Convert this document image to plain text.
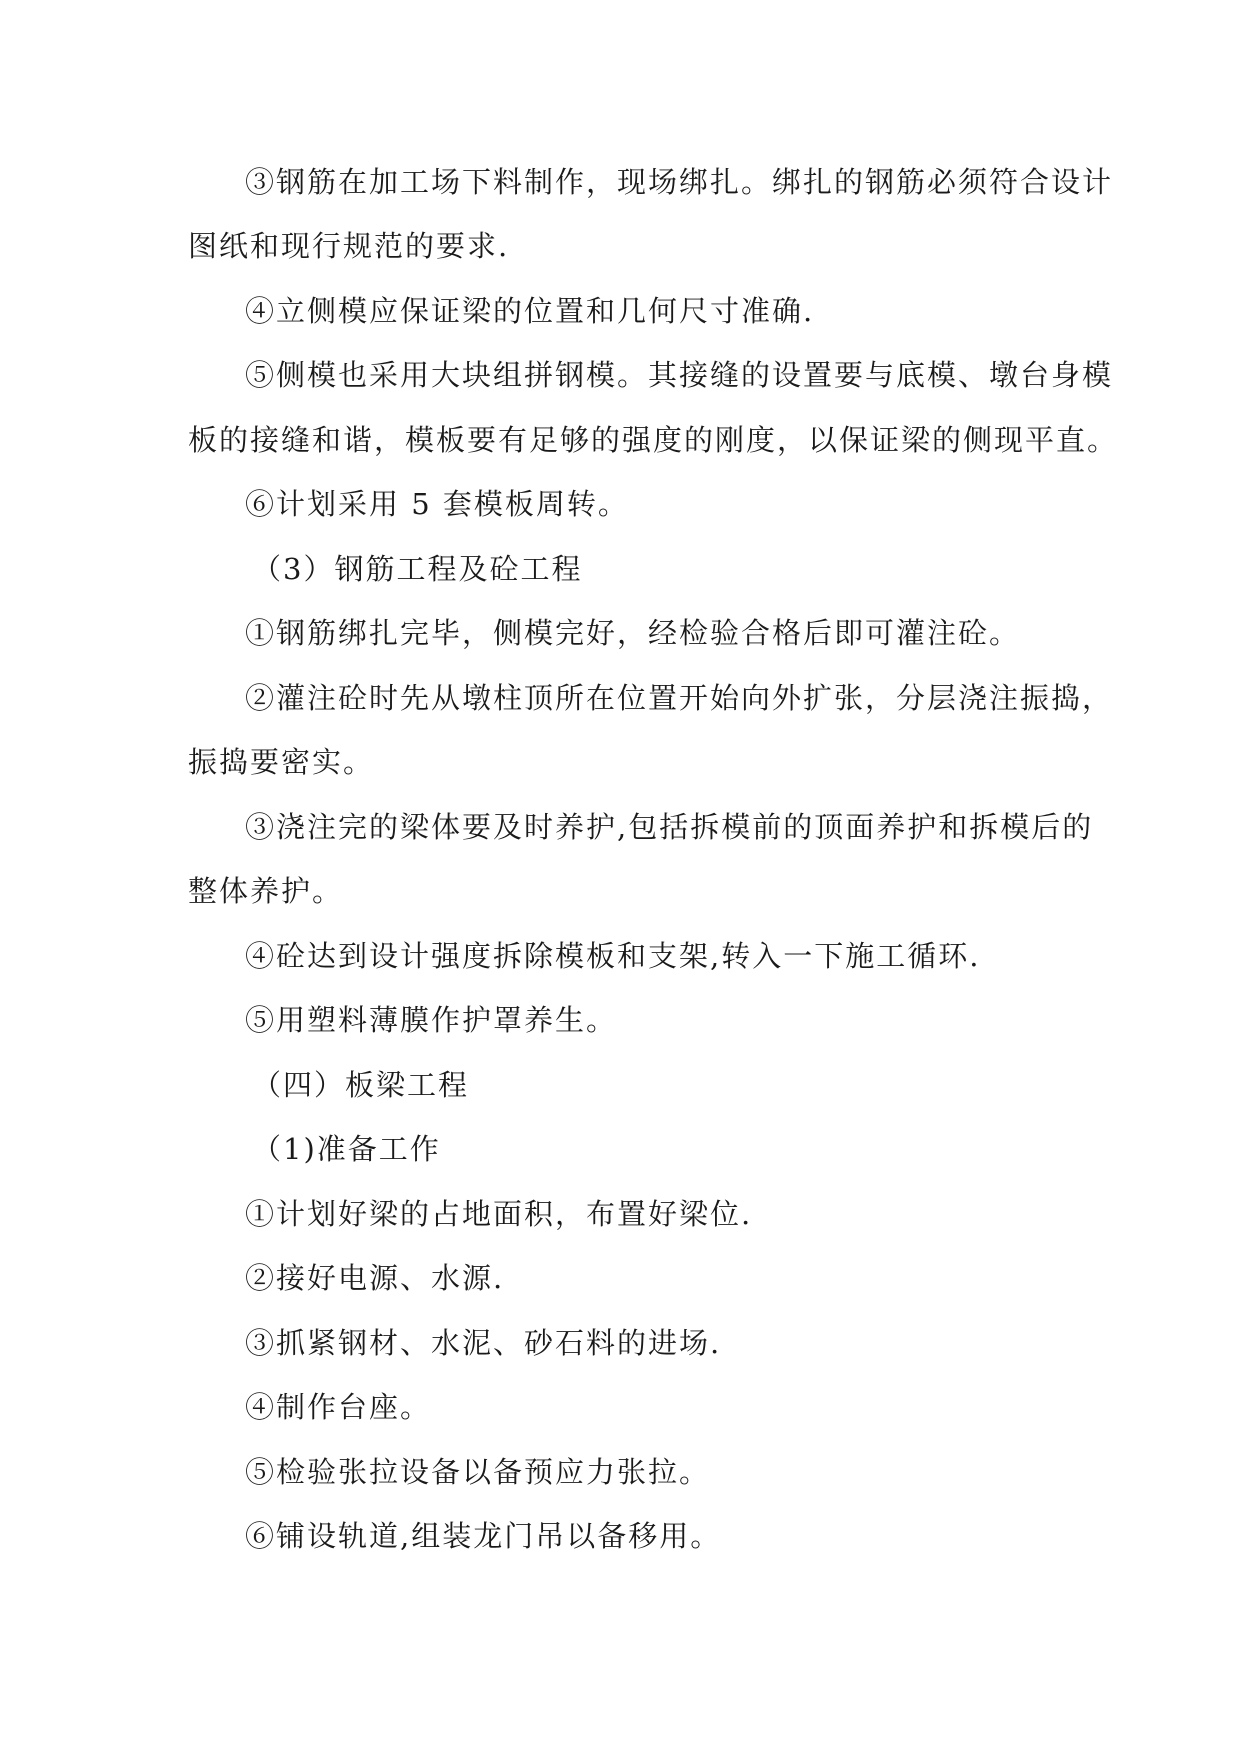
③钢筋在加工场下料制作，现场绑扎。绑扎的钢筋必须符合设计
图纸和现行规范的要求.
④立侧模应保证梁的位置和几何尺寸准确.
⑤侧模也采用大块组拼钢模。其接缝的设置要与底模、墩台身模
板的接缝和谐，模板要有足够的强度的刚度，以保证梁的侧现平直。
⑥计划采用 5 套模板周转。
（3）钢筋工程及砼工程
①钢筋绑扎完毕，侧模完好，经检验合格后即可灌注砼。
②灌注砼时先从墩柱顶所在位置开始向外扩张，分层浇注振捣，
振捣要密实。
③浇注完的梁体要及时养护,包括拆模前的顶面养护和拆模后的
整体养护。
④砼达到设计强度拆除模板和支架,转入一下施工循环.
⑤用塑料薄膜作护罩养生。
（四）板梁工程
（1)准备工作
①计划好梁的占地面积，布置好梁位.
②接好电源、水源.
③抓紧钢材、水泥、砂石料的进场.
④制作台座。
⑤检验张拉设备以备预应力张拉。
⑥铺设轨道,组装龙门吊以备移用。
